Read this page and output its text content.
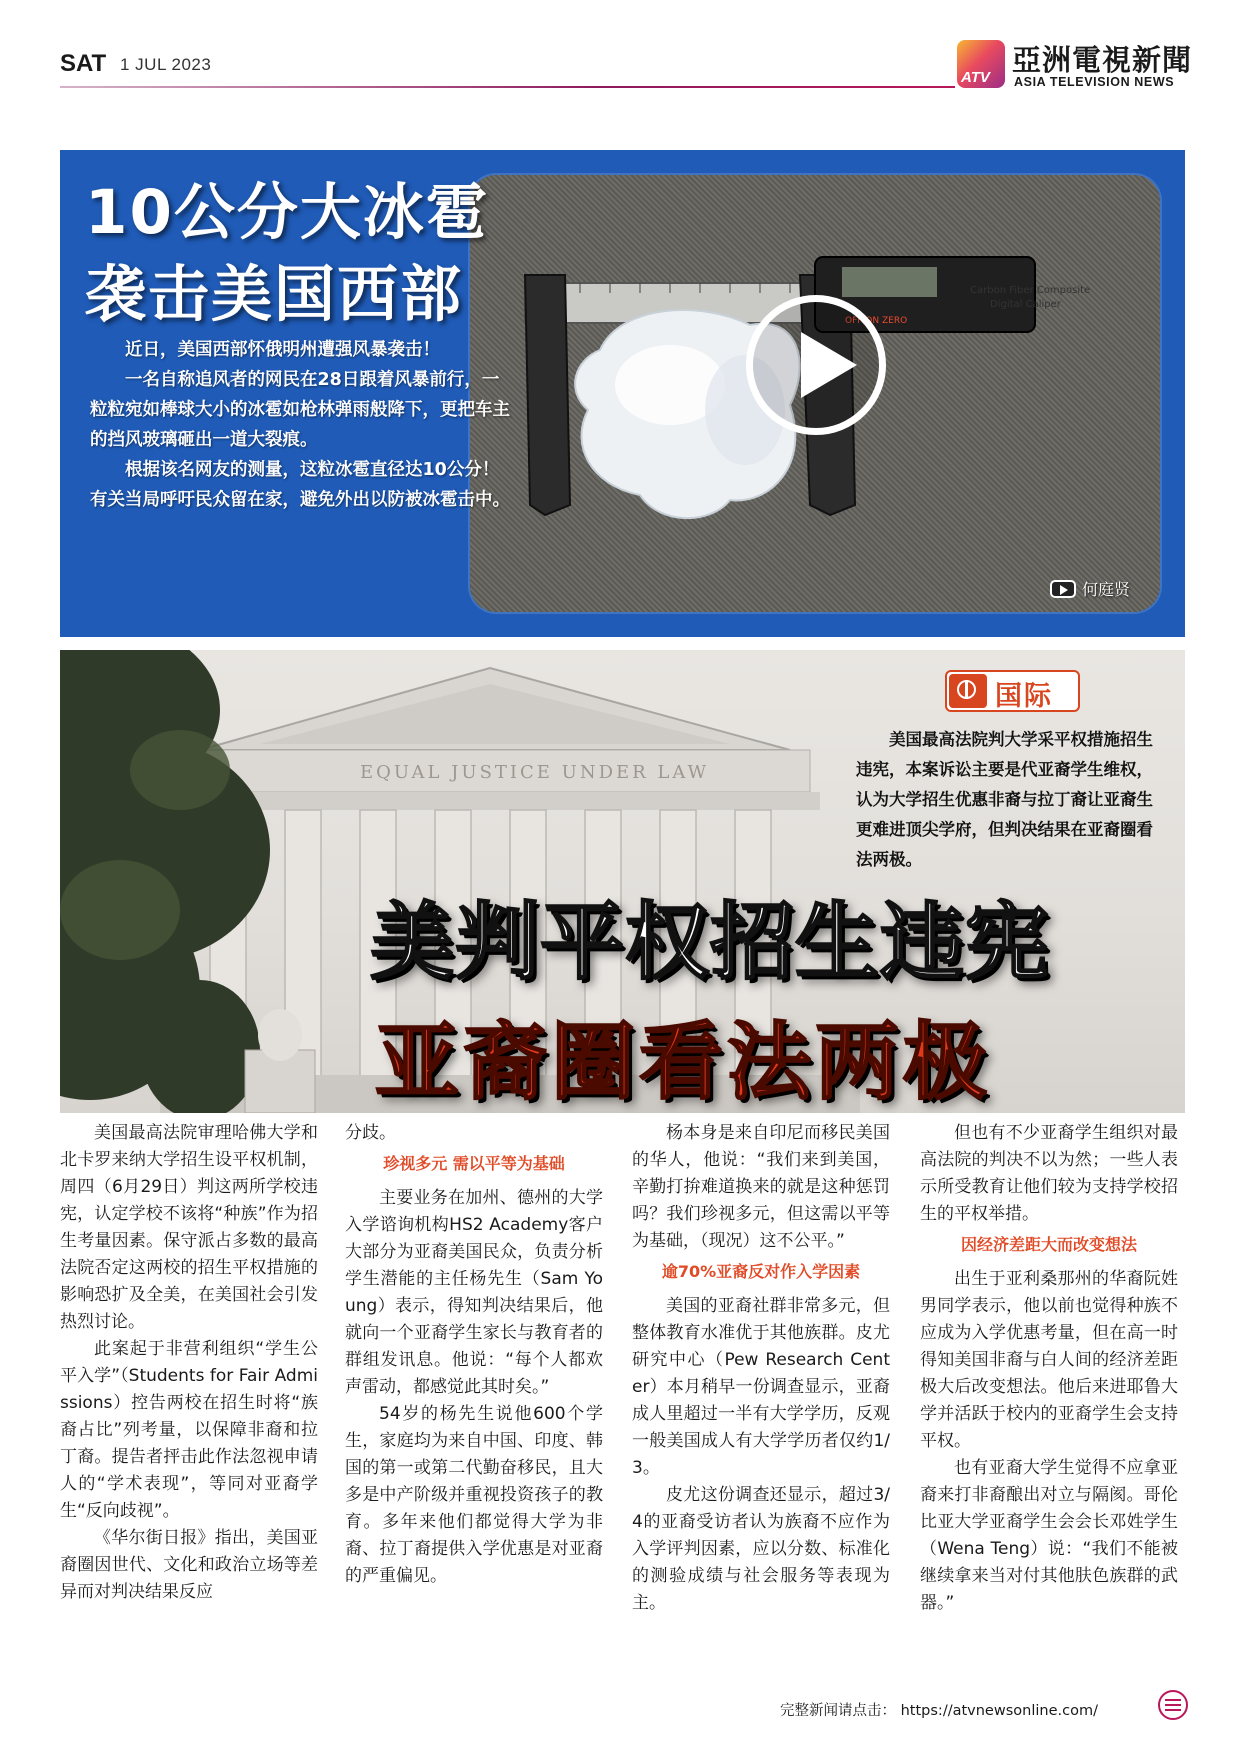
SAT 1 JUL 2023
ATV
亞洲電視新聞
ASIA TELEVISION NEWS
OFF ON ZERO
Carbon Fiber Composite
Digital Caliper
何庭贤
10公分大冰雹
袭击美国西部

近日，美国西部怀俄明州遭强风暴袭击！

一名自称追风者的网民在28日跟着风暴前行，一粒粒宛如棒球大小的冰雹如枪林弹雨般降下，更把车主的挡风玻璃砸出一道大裂痕。

根据该名网友的测量，这粒冰雹直径达10公分！有关当局呼吁民众留在家，避免外出以防被冰雹击中。

EQUAL JUSTICE UNDER LAW
国际

美国最高法院判大学采平权措施招生违宪，本案诉讼主要是代亚裔学生维权，认为大学招生优惠非裔与拉丁裔让亚裔生更难进顶尖学府，但判决结果在亚裔圈看法两极。

美判平权招生违宪
亚裔圈看法两极

美国最高法院审理哈佛大学和北卡罗来纳大学招生设平权机制，周四（6月29日）判这两所学校违宪，认定学校不该将“种族”作为招生考量因素。保守派占多数的最高法院否定这两校的招生平权措施的影响恐扩及全美，在美国社会引发热烈讨论。

此案起于非营利组织“学生公平入学”（Students for Fair Admissions）控告两校在招生时将“族裔占比”列考量，以保障非裔和拉丁裔。提告者抨击此作法忽视申请人的“学术表现”，等同对亚裔学生“反向歧视”。

《华尔街日报》指出，美国亚裔圈因世代、文化和政治立场等差异而对判决结果反应

分歧。

珍视多元 需以平等为基础

主要业务在加州、德州的大学入学谘询机构HS2 Academy客户大部分为亚裔美国民众，负责分析学生潜能的主任杨先生（Sam Young）表示，得知判决结果后，他就向一个亚裔学生家长与教育者的群组发讯息。他说：“每个人都欢声雷动，都感觉此其时矣。”

54岁的杨先生说他600个学生，家庭均为来自中国、印度、韩国的第一或第二代勤奋移民，且大多是中产阶级并重视投资孩子的教育。多年来他们都觉得大学为非裔、拉丁裔提供入学优惠是对亚裔的严重偏见。

杨本身是来自印尼而移民美国的华人，他说：“我们来到美国，辛勤打拚难道换来的就是这种惩罚吗？我们珍视多元，但这需以平等为基础，（现况）这不公平。”

逾70%亚裔反对作入学因素

美国的亚裔社群非常多元，但整体教育水准优于其他族群。皮尤研究中心（Pew Research Center）本月稍早一份调查显示，亚裔成人里超过一半有大学学历，反观一般美国成人有大学学历者仅约1/3。

皮尤这份调查还显示，超过3/4的亚裔受访者认为族裔不应作为入学评判因素，应以分数、标准化的测验成绩与社会服务等表现为主。

但也有不少亚裔学生组织对最高法院的判决不以为然；一些人表示所受教育让他们较为支持学校招生的平权举措。

因经济差距大而改变想法

出生于亚利桑那州的华裔阮姓男同学表示，他以前也觉得种族不应成为入学优惠考量，但在高一时得知美国非裔与白人间的经济差距极大后改变想法。他后来进耶鲁大学并活跃于校内的亚裔学生会支持平权。

也有亚裔大学生觉得不应拿亚裔来打非裔酿出对立与隔阂。哥伦比亚大学亚裔学生会会长邓姓学生（Wena Teng）说：“我们不能被继续拿来当对付其他肤色族群的武器。”

完整新闻请点击： https://atvnewsonline.com/
